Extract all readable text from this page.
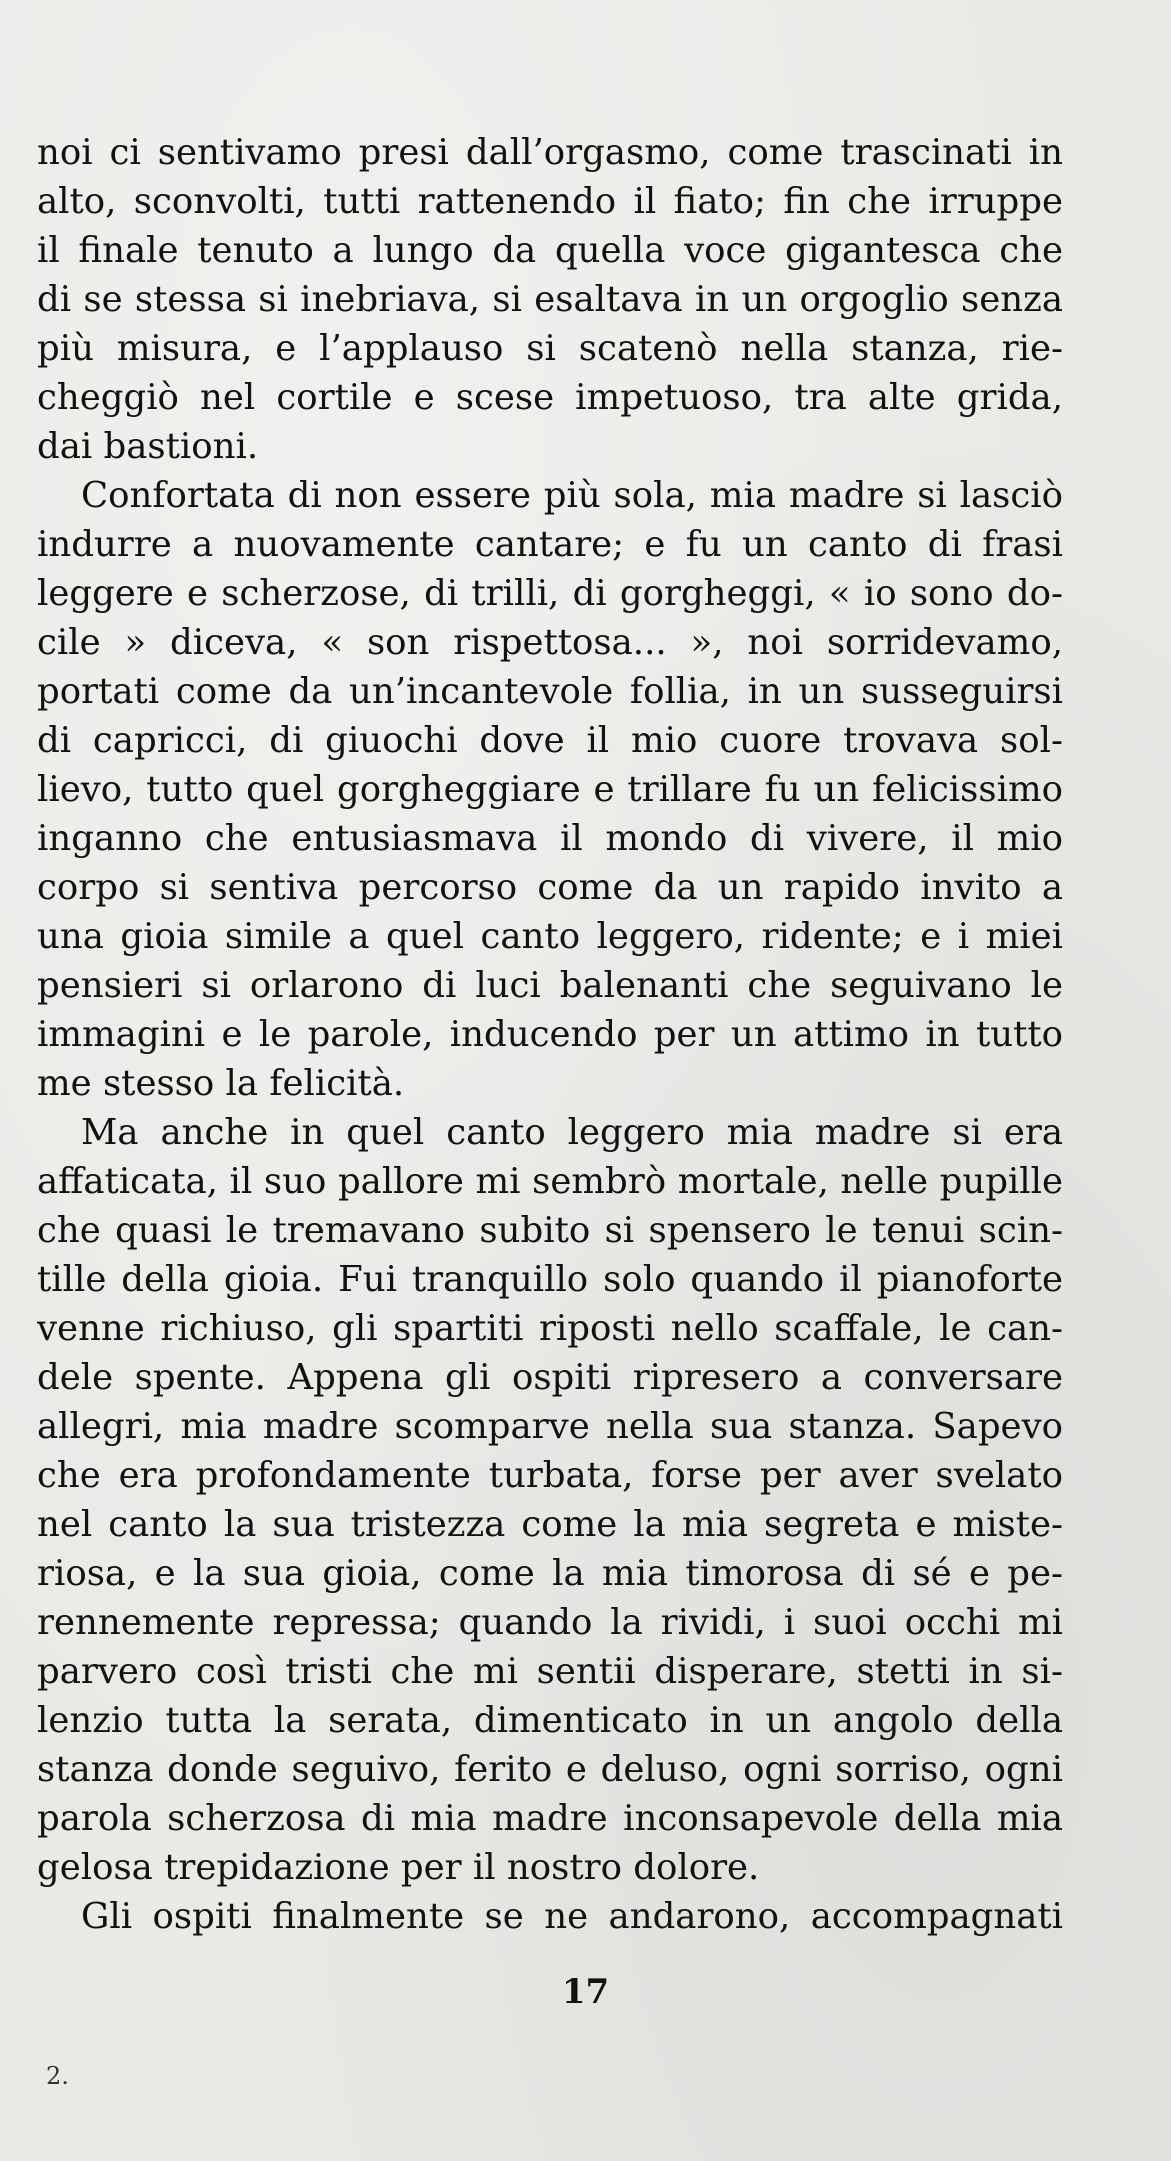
noi ci sentivamo presi dall’orgasmo, come trascinati in
alto, sconvolti, tutti rattenendo il fiato; fin che irruppe
il finale tenuto a lungo da quella voce gigantesca che
di se stessa si inebriava, si esaltava in un orgoglio senza
più misura, e l’applauso si scatenò nella stanza, rie-
cheggiò nel cortile e scese impetuoso, tra alte grida,
dai bastioni.
Confortata di non essere più sola, mia madre si lasciò
indurre a nuovamente cantare; e fu un canto di frasi
leggere e scherzose, di trilli, di gorgheggi, « io sono do-
cile » diceva, « son rispettosa... », noi sorridevamo,
portati come da un’incantevole follia, in un susseguirsi
di capricci, di giuochi dove il mio cuore trovava sol-
lievo, tutto quel gorgheggiare e trillare fu un felicissimo
inganno che entusiasmava il mondo di vivere, il mio
corpo si sentiva percorso come da un rapido invito a
una gioia simile a quel canto leggero, ridente; e i miei
pensieri si orlarono di luci balenanti che seguivano le
immagini e le parole, inducendo per un attimo in tutto
me stesso la felicità.
Ma anche in quel canto leggero mia madre si era
affaticata, il suo pallore mi sembrò mortale, nelle pupille
che quasi le tremavano subito si spensero le tenui scin-
tille della gioia. Fui tranquillo solo quando il pianoforte
venne richiuso, gli spartiti riposti nello scaffale, le can-
dele spente. Appena gli ospiti ripresero a conversare
allegri, mia madre scomparve nella sua stanza. Sapevo
che era profondamente turbata, forse per aver svelato
nel canto la sua tristezza come la mia segreta e miste-
riosa, e la sua gioia, come la mia timorosa di sé e pe-
rennemente repressa; quando la rividi, i suoi occhi mi
parvero così tristi che mi sentii disperare, stetti in si-
lenzio tutta la serata, dimenticato in un angolo della
stanza donde seguivo, ferito e deluso, ogni sorriso, ogni
parola scherzosa di mia madre inconsapevole della mia
gelosa trepidazione per il nostro dolore.
Gli ospiti finalmente se ne andarono, accompagnati
17
2.
